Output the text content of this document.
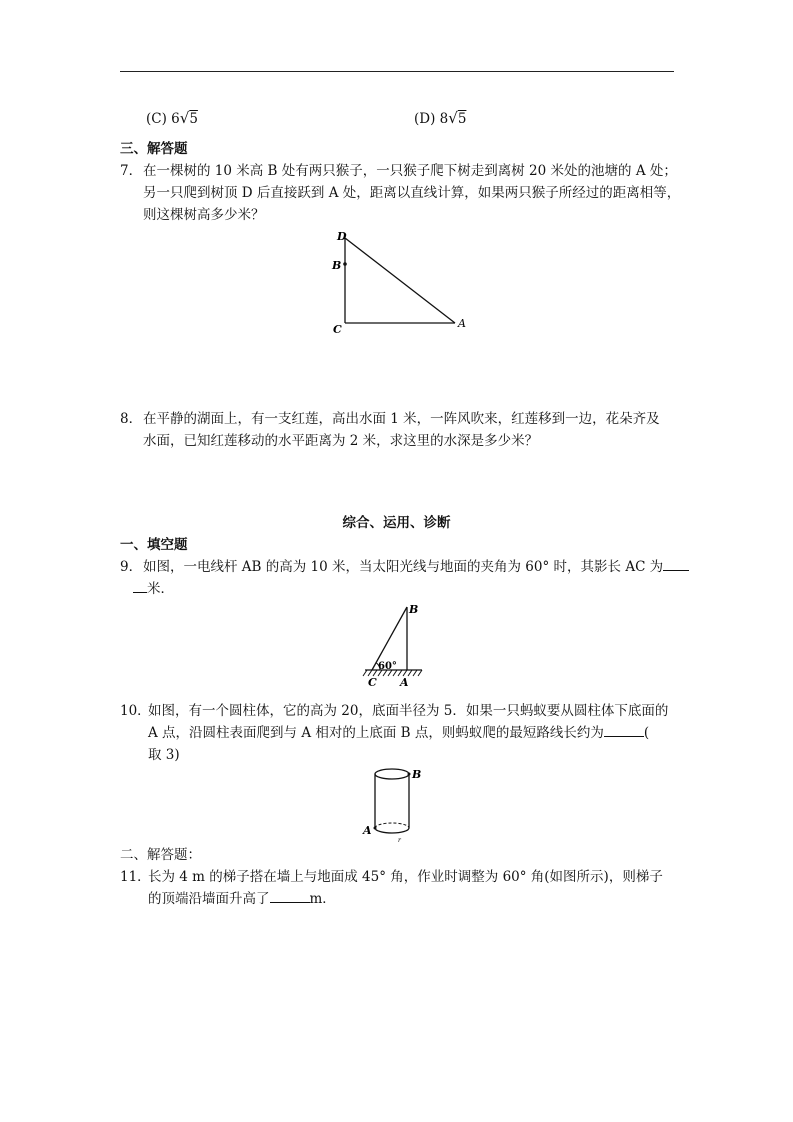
(C) 6√5	(D) 8√5
三、解答题
7． 在一棵树的 10 米高 B 处有两只猴子，一只猴子爬下树走到离树 20 米处的池塘的 A 处；
另一只爬到树顶 D 后直接跃到 A 处，距离以直线计算，如果两只猴子所经过的距离相等，
则这棵树高多少米？
D
B
C	A
8． 在平静的湖面上，有一支红莲，高出水面 1 米，一阵风吹来，红莲移到一边，花朵齐及
水面，已知红莲移动的水平距离为 2 米，求这里的水深是多少米？
综合、运用、诊断
一、填空题
9． 如图，一电线杆 AB 的高为 10 米，当太阳光线与地面的夹角为 60° 时，其影长 AC 为
米．
60°
B
C A
10．
如图，有一个圆柱体，它的高为 20，底面半径为 5．如果一只蚂蚁要从圆柱体下底面的
A 点，沿圆柱表面爬到与 A 相对的上底面 B 点，则蚂蚁爬的最短路线长约为	(
取 3)
A
B
r
二、解答题：
11．
长为 4 m 的梯子搭在墙上与地面成 45° 角，作业时调整为 60° 角(如图所示)，则梯子
的顶端沿墙面升高了	m．
